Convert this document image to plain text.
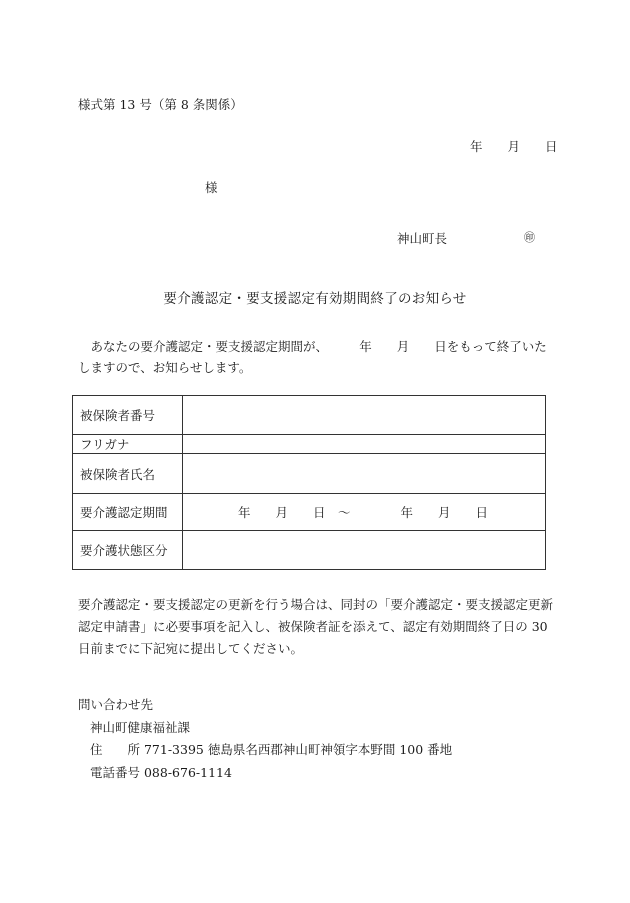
様式第 13 号（第 8 条関係）
年　　月　　日
様
神山町長	㊞
要介護認定・要支援認定有効期間終了のお知らせ
　あなたの要介護認定・要支援認定期間が、　　　年　　月　　日をもって終了いたしますので、お知らせします。
被保険者番号	
フリガナ	
被保険者氏名	
要介護認定期間	年　　月　　日　～　　　　年　　月　　日
要介護状態区分	
要介護認定・要支援認定の更新を行う場合は、同封の「要介護認定・要支援認定更新認定申請書」に必要事項を記入し、被保険者証を添えて、認定有効期間終了日の 30 日前までに下記宛に提出してください。
問い合わせ先
神山町健康福祉課
住　　所 771-3395 徳島県名西郡神山町神領字本野間 100 番地
電話番号 088-676-1114
